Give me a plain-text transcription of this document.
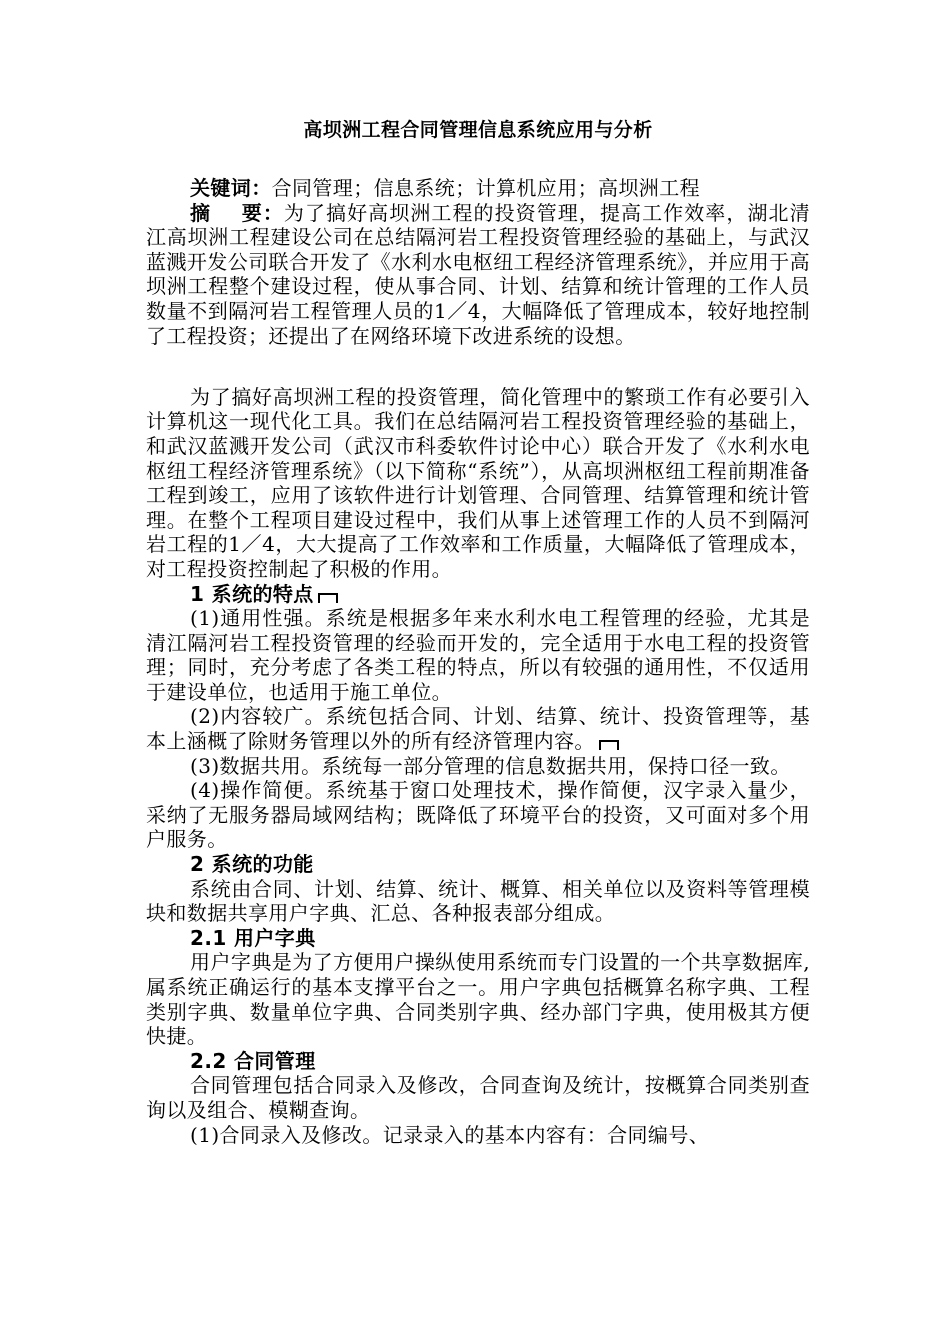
高坝洲工程合同管理信息系统应用与分析

关键词：合同管理；信息系统；计算机应用；高坝洲工程

摘 要：为了搞好高坝洲工程的投资管理，提高工作效率，湖北清江高坝洲工程建设公司在总结隔河岩工程投资管理经验的基础上，与武汉蓝溅开发公司联合开发了《水利水电枢纽工程经济管理系统》，并应用于高坝洲工程整个建设过程，使从事合同、计划、结算和统计管理的工作人员数量不到隔河岩工程管理人员的1／4，大幅降低了管理成本，较好地控制了工程投资；还提出了在网络环境下改进系统的设想。

为了搞好高坝洲工程的投资管理，简化管理中的繁琐工作有必要引入计算机这一现代化工具。我们在总结隔河岩工程投资管理经验的基础上，和武汉蓝溅开发公司（武汉市科委软件讨论中心）联合开发了《水利水电枢纽工程经济管理系统》（以下简称“系统”），从高坝洲枢纽工程前期准备工程到竣工，应用了该软件进行计划管理、合同管理、结算管理和统计管理。在整个工程项目建设过程中，我们从事上述管理工作的人员不到隔河岩工程的1／4，大大提高了工作效率和工作质量，大幅降低了管理成本，对工程投资控制起了积极的作用。

1 系统的特点

(1)通用性强。系统是根据多年来水利水电工程管理的经验，尤其是清江隔河岩工程投资管理的经验而开发的，完全适用于水电工程的投资管理；同时，充分考虑了各类工程的特点，所以有较强的通用性，不仅适用于建设单位，也适用于施工单位。

(2)内容较广。系统包括合同、计划、结算、统计、投资管理等，基本上涵概了除财务管理以外的所有经济管理内容。

(3)数据共用。系统每一部分管理的信息数据共用，保持口径一致。

(4)操作简便。系统基于窗口处理技术，操作简便，汉字录入量少，采纳了无服务器局域网结构；既降低了环境平台的投资，又可面对多个用户服务。

2 系统的功能

系统由合同、计划、结算、统计、概算、相关单位以及资料等管理模块和数据共享用户字典、汇总、各种报表部分组成。

2.1 用户字典

用户字典是为了方便用户操纵使用系统而专门设置的一个共享数据库,属系统正确运行的基本支撑平台之一。用户字典包括概算名称字典、工程类别字典、数量单位字典、合同类别字典、经办部门字典，使用极其方便快捷。

2.2 合同管理

合同管理包括合同录入及修改，合同查询及统计，按概算合同类别查询以及组合、模糊查询。

(1)合同录入及修改。记录录入的基本内容有：合同编号、
